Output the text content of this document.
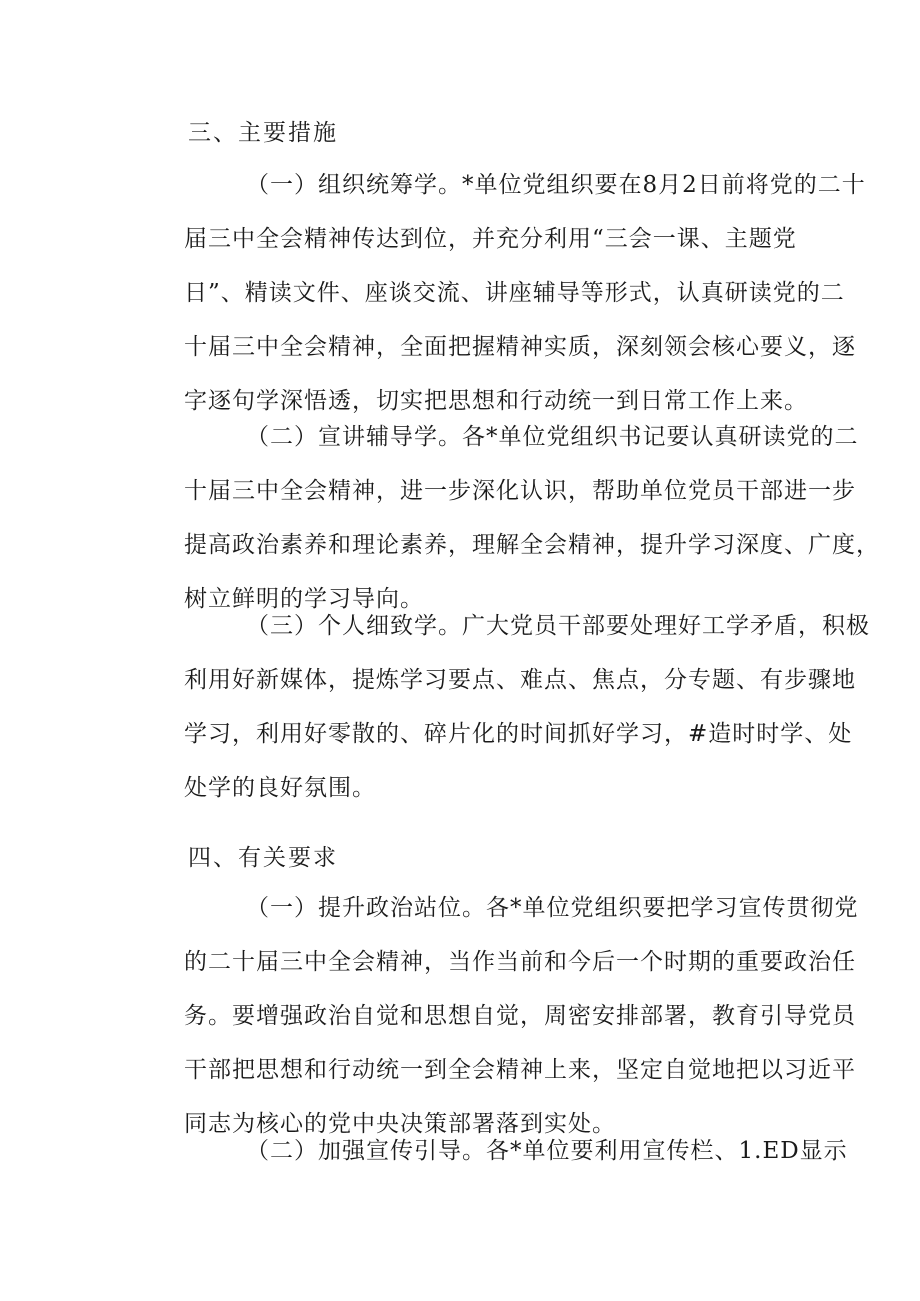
三、主要措施
（一）组织统筹学。*单位党组织要在8月2日前将党的二十
届三中全会精神传达到位，并充分利用“三会一课、主题党
日”、精读文件、座谈交流、讲座辅导等形式，认真研读党的二
十届三中全会精神，全面把握精神实质，深刻领会核心要义，逐
字逐句学深悟透，切实把思想和行动统一到日常工作上来。
（二）宣讲辅导学。各*单位党组织书记要认真研读党的二
十届三中全会精神，进一步深化认识，帮助单位党员干部进一步
提高政治素养和理论素养，理解全会精神，提升学习深度、广度，
树立鲜明的学习导向。
（三）个人细致学。广大党员干部要处理好工学矛盾，积极
利用好新媒体，提炼学习要点、难点、焦点，分专题、有步骤地
学习，利用好零散的、碎片化的时间抓好学习，#造时时学、处
处学的良好氛围。
四、有关要求
（一）提升政治站位。各*单位党组织要把学习宣传贯彻党
的二十届三中全会精神，当作当前和今后一个时期的重要政治任
务。要增强政治自觉和思想自觉，周密安排部署，教育引导党员
干部把思想和行动统一到全会精神上来，坚定自觉地把以习近平
同志为核心的党中央决策部署落到实处。
（二）加强宣传引导。各*单位要利用宣传栏、1.ED显示
